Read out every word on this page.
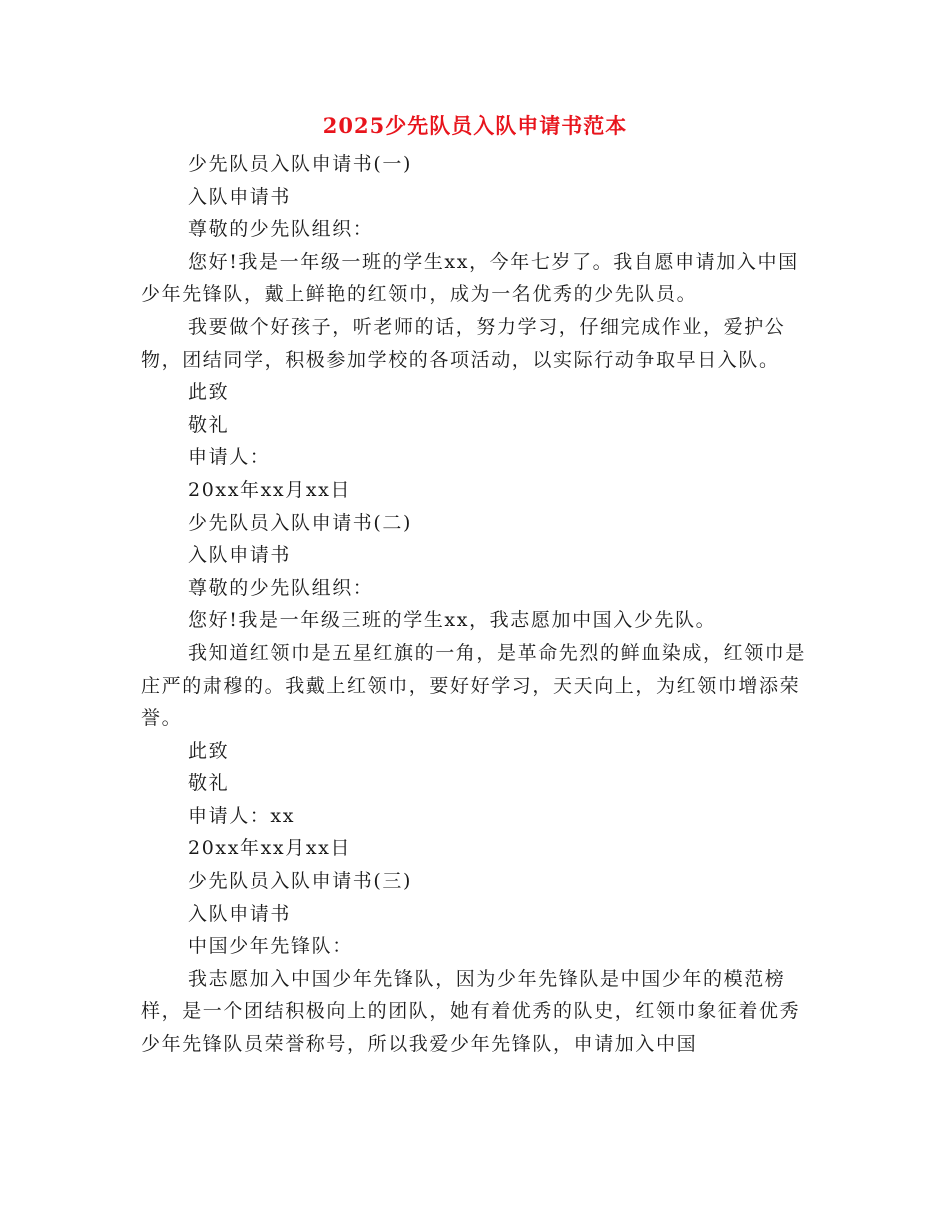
2025少先队员入队申请书范本

少先队员入队申请书(一)

入队申请书

尊敬的少先队组织：

您好!我是一年级一班的学生xx，今年七岁了。我自愿申请加入中国少年先锋队，戴上鲜艳的红领巾，成为一名优秀的少先队员。

我要做个好孩子，听老师的话，努力学习，仔细完成作业，爱护公物，团结同学，积极参加学校的各项活动，以实际行动争取早日入队。

此致

敬礼

申请人：

20xx年xx月xx日

少先队员入队申请书(二)

入队申请书

尊敬的少先队组织：

您好!我是一年级三班的学生xx，我志愿加中国入少先队。

我知道红领巾是五星红旗的一角，是革命先烈的鲜血染成，红领巾是庄严的肃穆的。我戴上红领巾，要好好学习，天天向上，为红领巾增添荣誉。

此致

敬礼

申请人：xx

20xx年xx月xx日

少先队员入队申请书(三)

入队申请书

中国少年先锋队：

我志愿加入中国少年先锋队，因为少年先锋队是中国少年的模范榜样，是一个团结积极向上的团队，她有着优秀的队史，红领巾象征着优秀少年先锋队员荣誉称号，所以我爱少年先锋队，申请加入中国
